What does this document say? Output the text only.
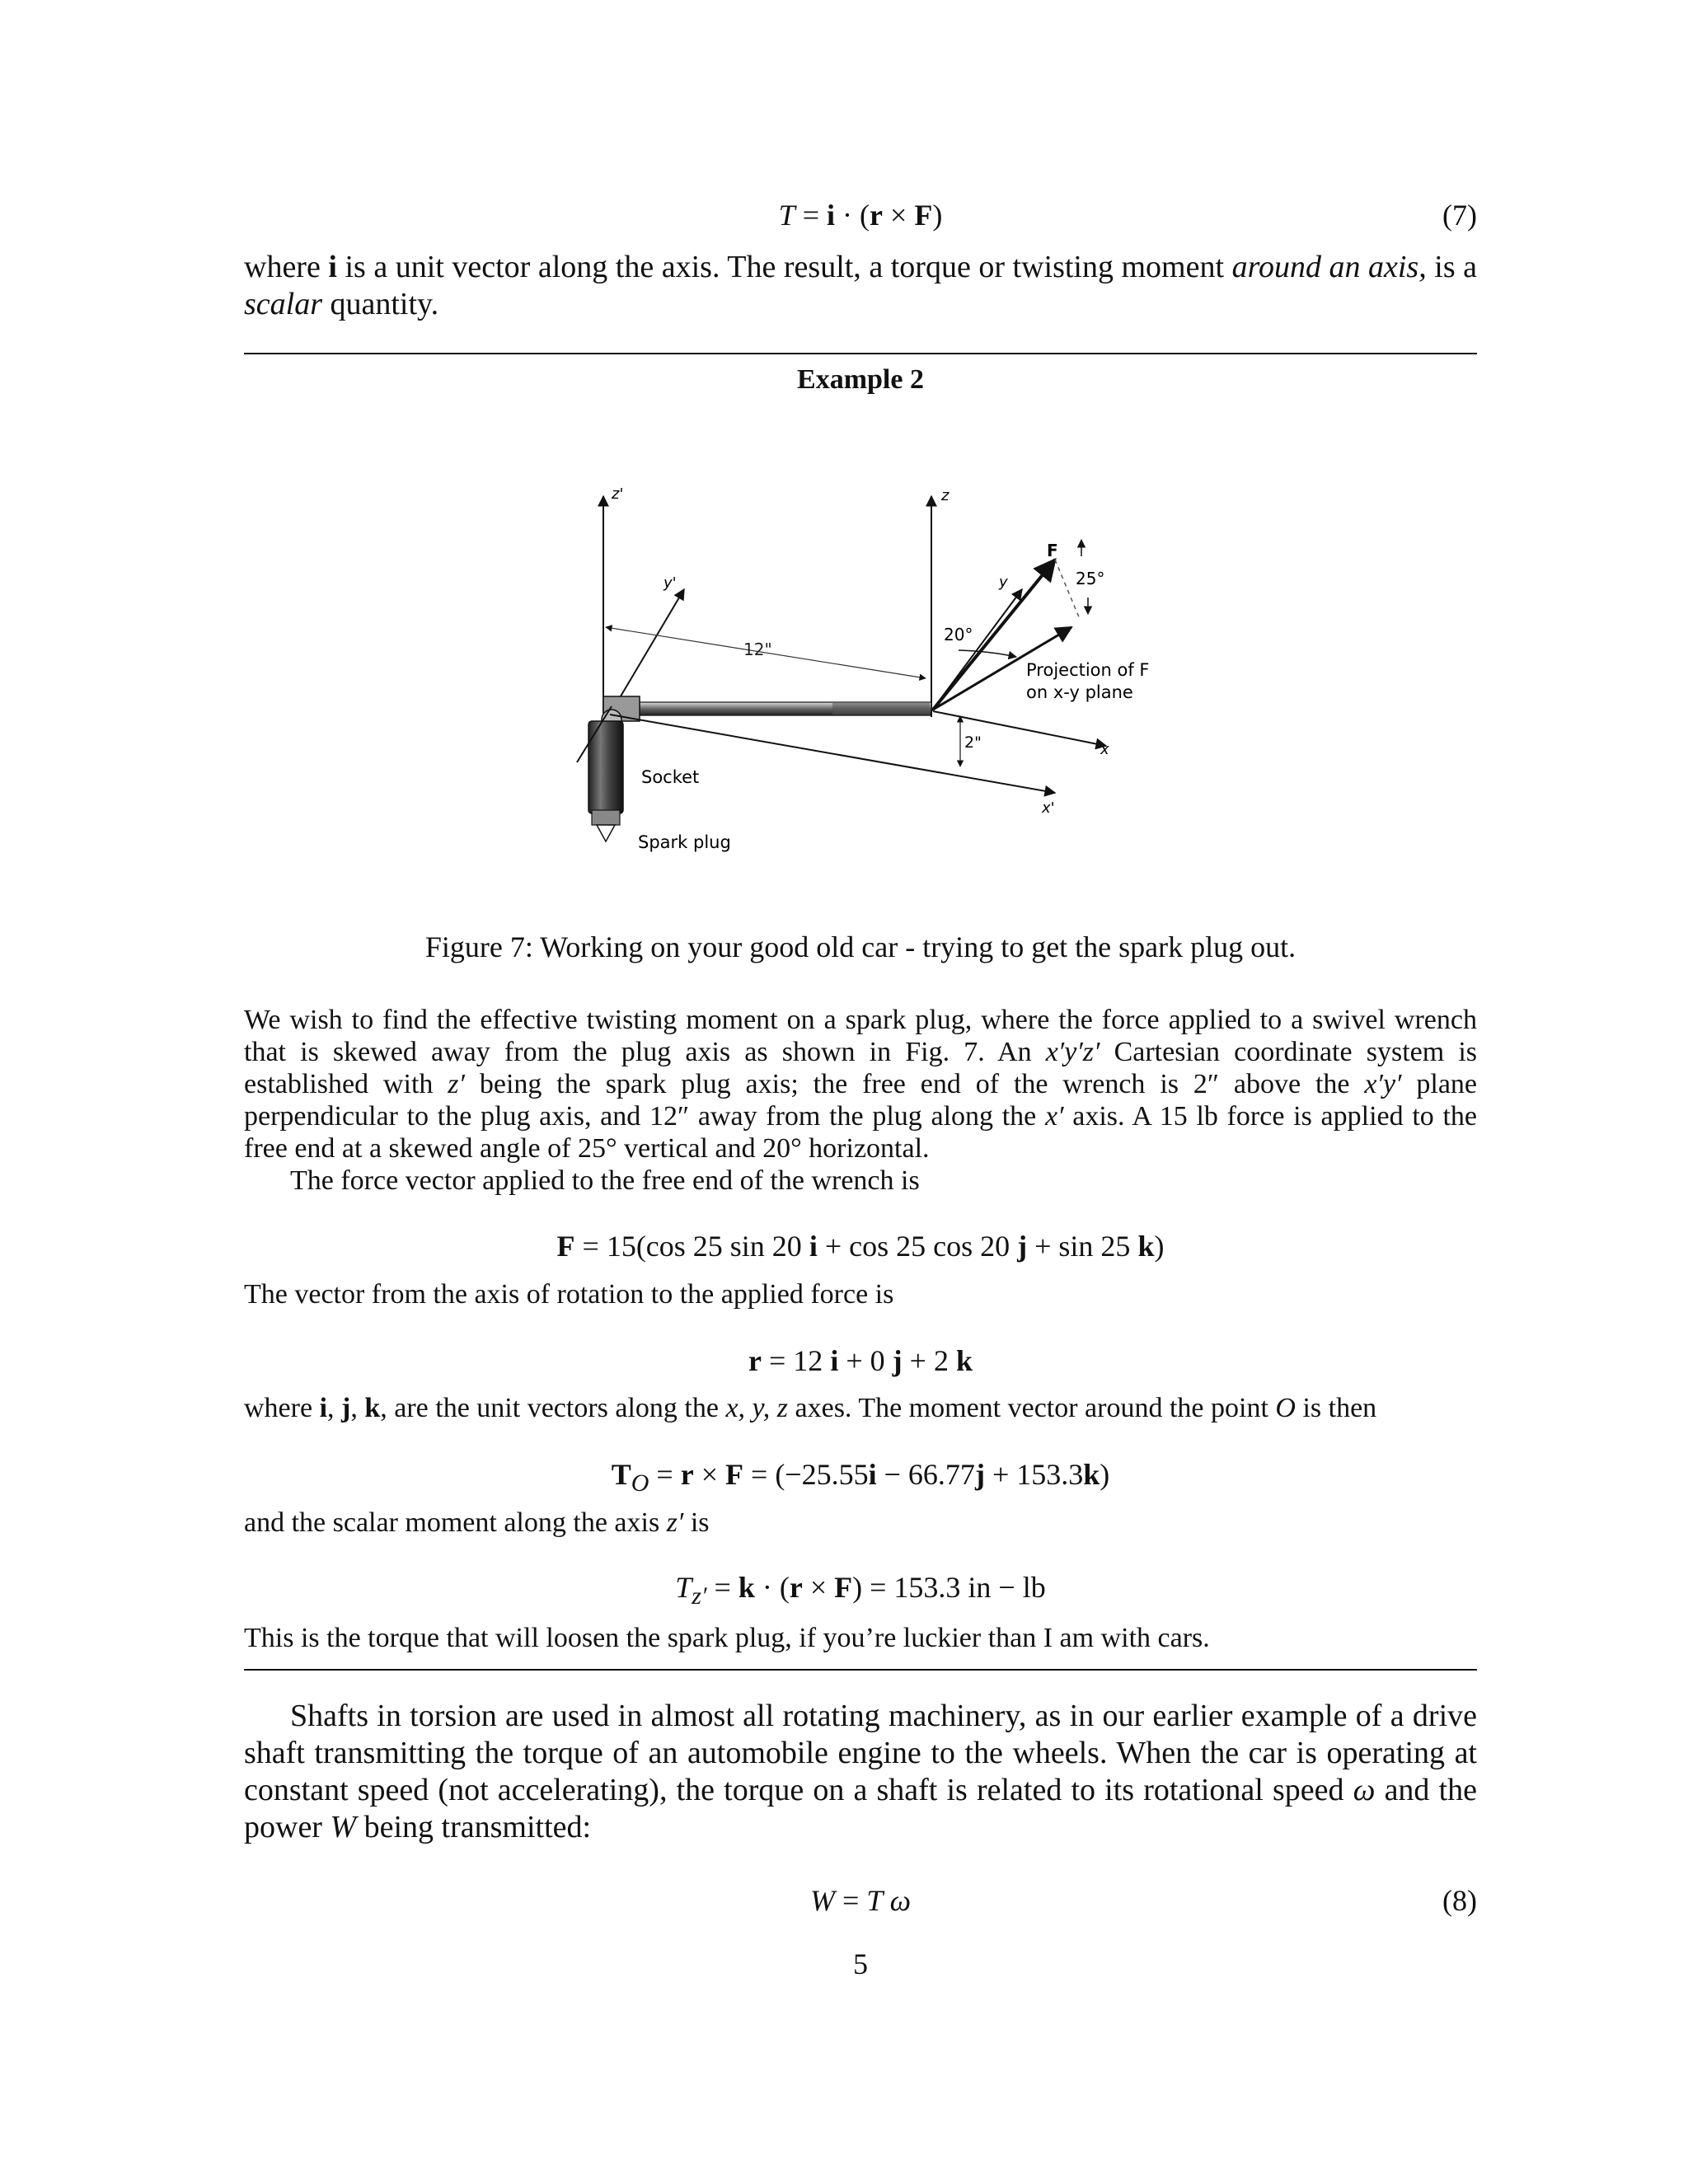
T = i · (r × F)	(7)
where i is a unit vector along the axis. The result, a torque or twisting moment around an axis, is a scalar quantity.
Example 2
z'
y'
z
12"
Socket
Spark plug
x'
x
y
F
25°
20°
2"
Projection of F
on x-y plane
Figure 7: Working on your good old car - trying to get the spark plug out.
We wish to find the effective twisting moment on a spark plug, where the force applied to a swivel wrench that is skewed away from the plug axis as shown in Fig. 7. An x′y′z′ Cartesian coordinate system is established with z′ being the spark plug axis; the free end of the wrench is 2″ above the x′y′ plane perpendicular to the plug axis, and 12″ away from the plug along the x′ axis. A 15 lb force is applied to the free end at a skewed angle of 25° vertical and 20° horizontal.
The force vector applied to the free end of the wrench is
F = 15(cos 25 sin 20 i + cos 25 cos 20 j + sin 25 k)
The vector from the axis of rotation to the applied force is
r = 12 i + 0 j + 2 k
where i, j, k, are the unit vectors along the x, y, z axes. The moment vector around the point O is then
$T_O = r \times F = (-25.55i - 66.77j + 153.3k)$
and the scalar moment along the axis z′ is
$T_{z'} = k \cdot (r \times F) = 153.3$ in − lb
This is the torque that will loosen the spark plug, if you’re luckier than I am with cars.
Shafts in torsion are used in almost all rotating machinery, as in our earlier example of a drive shaft transmitting the torque of an automobile engine to the wheels. When the car is operating at constant speed (not accelerating), the torque on a shaft is related to its rotational speed ω and the power W being transmitted:
W = T ω	(8)
5
